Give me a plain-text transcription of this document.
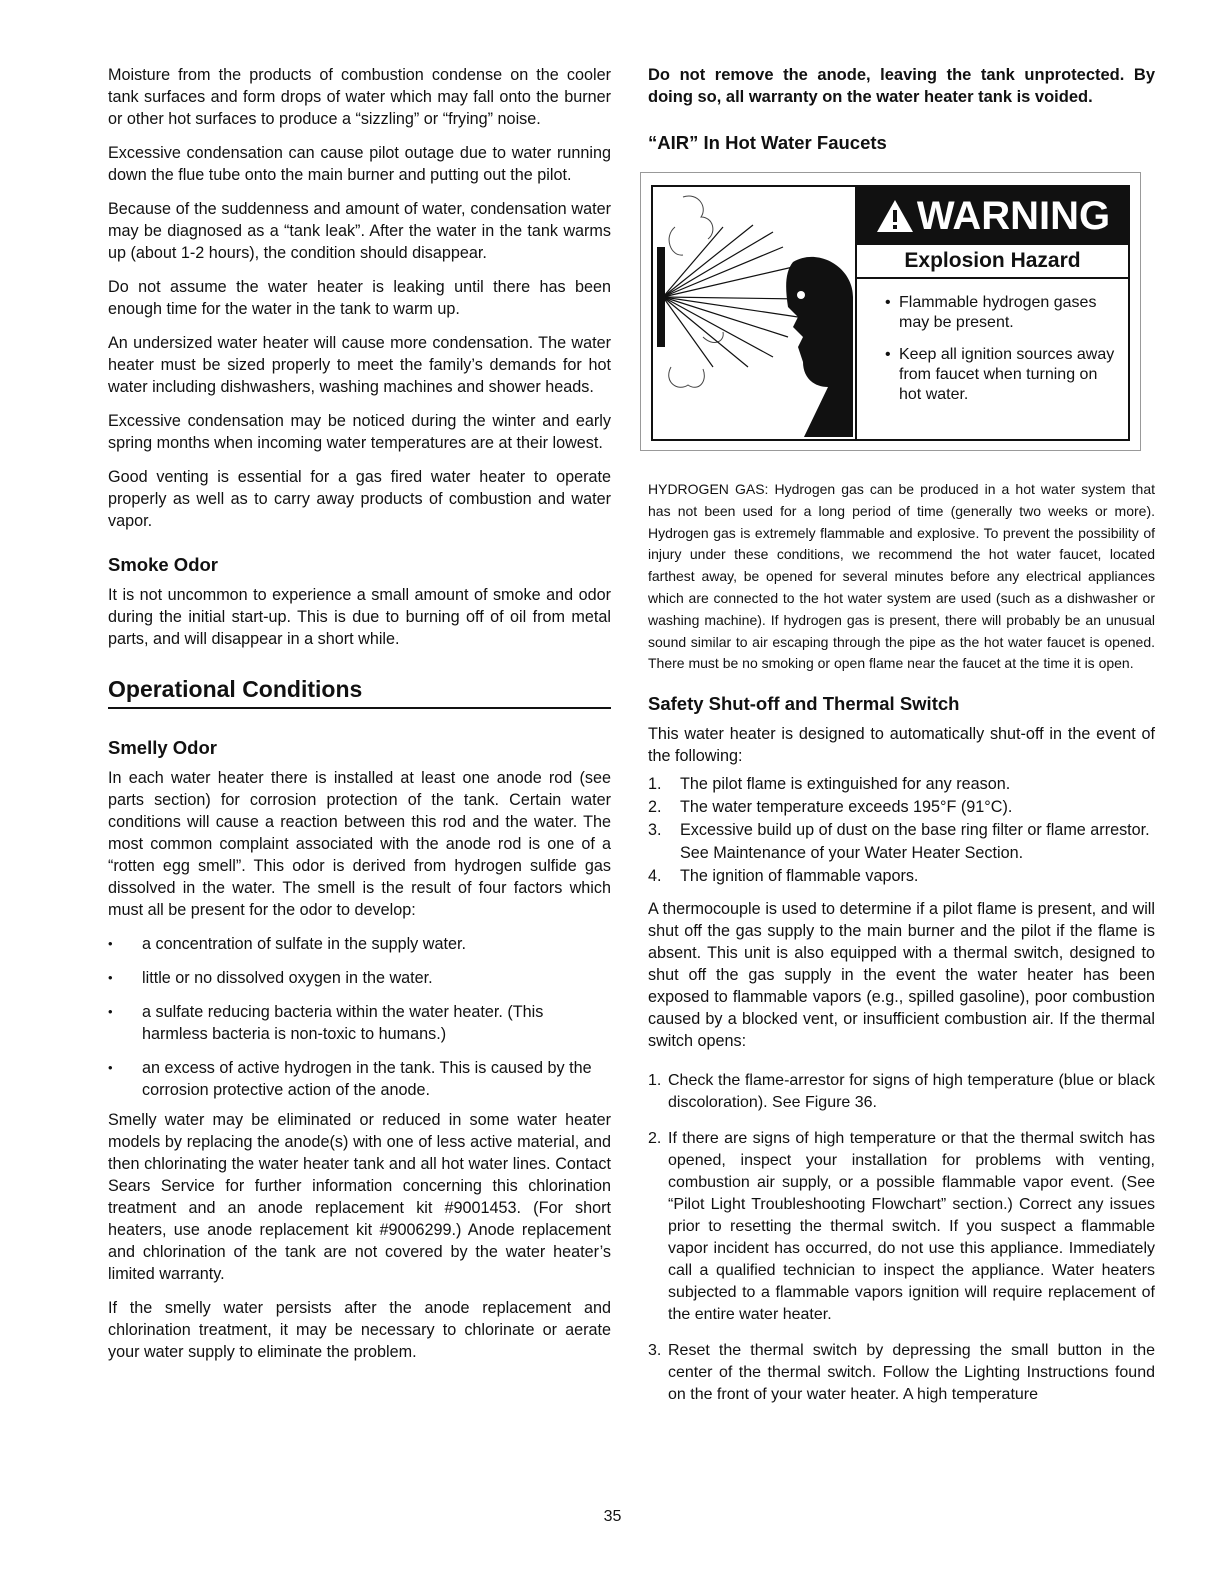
Moisture from the products of combustion condense on the cooler tank surfaces and form drops of water which may fall onto the burner or other hot surfaces to produce a “sizzling” or “frying” noise.

Excessive condensation can cause pilot outage due to water running down the flue tube onto the main burner and putting out the pilot.

Because of the suddenness and amount of water, condensation water may be diagnosed as a “tank leak”. After the water in the tank warms up (about 1-2 hours), the condition should disappear.

Do not assume the water heater is leaking until there has been enough time for the water in the tank to warm up.

An undersized water heater will cause more condensation. The water heater must be sized properly to meet the family’s demands for hot water including dishwashers, washing machines and shower heads.

Excessive condensation may be noticed during the winter and early spring months when incoming water temperatures are at their lowest.

Good venting is essential for a gas fired water heater to operate properly as well as to carry away products of combustion and water vapor.

Smoke Odor

It is not uncommon to experience a small amount of smoke and odor during the initial start-up. This is due to burning off of oil from metal parts, and will disappear in a short while.

Operational Conditions
Smelly Odor

In each water heater there is installed at least one anode rod (see parts section) for corrosion protection of the tank. Certain water conditions will cause a reaction between this rod and the water. The most common complaint associated with the anode rod is one of a “rotten egg smell”. This odor is derived from hydrogen sulfide gas dissolved in the water. The smell is the result of four factors which must all be present for the odor to develop:

• a concentration of sulfate in the supply water.
• little or no dissolved oxygen in the water.
• a sulfate reducing bacteria within the water heater. (This harmless bacteria is non-toxic to humans.)
• an excess of active hydrogen in the tank. This is caused by the corrosion protective action of the anode.

Smelly water may be eliminated or reduced in some water heater models by replacing the anode(s) with one of less active material, and then chlorinating the water heater tank and all hot water lines. Contact Sears Service for further information concerning this chlorination treatment and an anode replacement kit #9001453. (For short heaters, use anode replacement kit #9006299.) Anode replacement and chlorination of the tank are not covered by the water heater’s limited warranty.

If the smelly water persists after the anode replacement and chlorination treatment, it may be necessary to chlorinate or aerate your water supply to eliminate the problem.

Do not remove the anode, leaving the tank unprotected. By doing so, all warranty on the water heater tank is voided.

“AIR” In Hot Water Faucets
WARNING
Explosion Hazard
• Flammable hydrogen gases may be present.
• Keep all ignition sources away from faucet when turning on hot water.

HYDROGEN GAS: Hydrogen gas can be produced in a hot water system that has not been used for a long period of time (generally two weeks or more). Hydrogen gas is extremely flammable and explosive. To prevent the possibility of injury under these conditions, we recommend the hot water faucet, located farthest away, be opened for several minutes before any electrical appliances which are connected to the hot water system are used (such as a dishwasher or washing machine). If hydrogen gas is present, there will probably be an unusual sound similar to air escaping through the pipe as the hot water faucet is opened. There must be no smoking or open flame near the faucet at the time it is open.

Safety Shut-off and Thermal Switch

This water heater is designed to automatically shut-off in the event of the following:

1. The pilot flame is extinguished for any reason.
2. The water temperature exceeds 195°F (91°C).
3. Excessive build up of dust on the base ring filter or flame arrestor. See Maintenance of your Water Heater Section.
4. The ignition of flammable vapors.

A thermocouple is used to determine if a pilot flame is present, and will shut off the gas supply to the main burner and the pilot if the flame is absent. This unit is also equipped with a thermal switch, designed to shut off the gas supply in the event the water heater has been exposed to flammable vapors (e.g., spilled gasoline), poor combustion caused by a blocked vent, or insufficient combustion air. If the thermal switch opens:

1. Check the flame-arrestor for signs of high temperature (blue or black discoloration). See Figure 36.
2. If there are signs of high temperature or that the thermal switch has opened, inspect your installation for problems with venting, combustion air supply, or a possible flammable vapor event. (See “Pilot Light Troubleshooting Flowchart” section.) Correct any issues prior to resetting the thermal switch. If you suspect a flammable vapor incident has occurred, do not use this appliance. Immediately call a qualified technician to inspect the appliance. Water heaters subjected to a flammable vapors ignition will require replacement of the entire water heater.
3. Reset the thermal switch by depressing the small button in the center of the thermal switch. Follow the Lighting Instructions found on the front of your water heater. A high temperature
35
